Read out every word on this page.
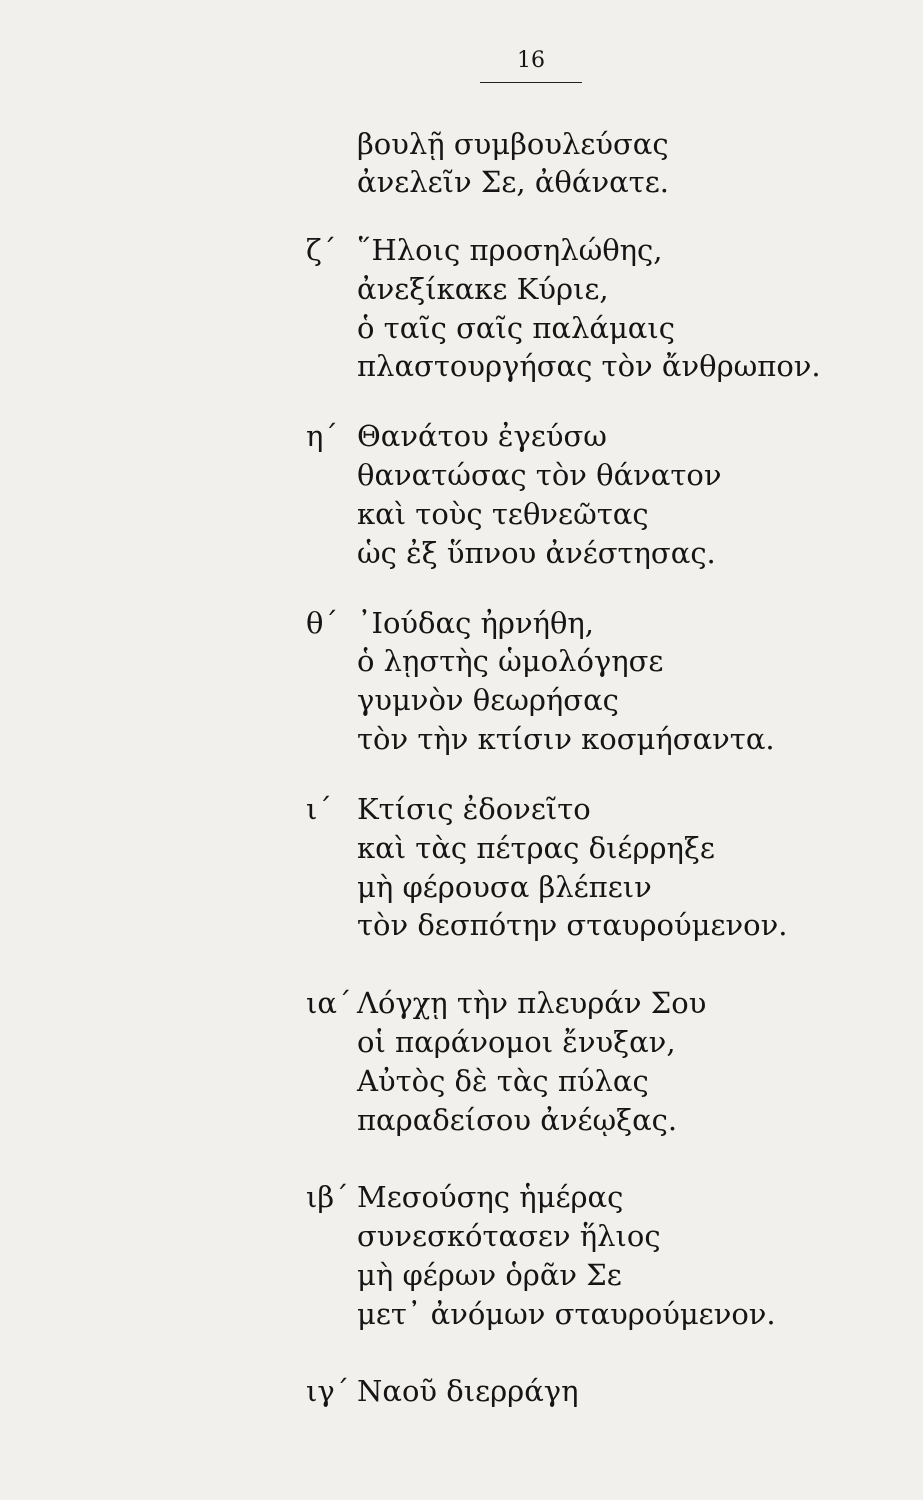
16
βουλῇ συμβουλεύσας
ἀνελεῖν Σε, ἀθάνατε.
ζ΄ ῞Ηλοις προσηλώθης,
ἀνεξίκακε Κύριε,
ὁ ταῖς σαῖς παλάμαις
πλαστουργήσας τὸν ἄνθρωπον.
η΄ Θανάτου ἐγεύσω
θανατώσας τὸν θάνατον
καὶ τοὺς τεθνεῶτας
ὡς ἐξ ὕπνου ἀνέστησας.
θ΄ ᾿Ιούδας ἠρνήθη,
ὁ λῃστὴς ὡμολόγησε
γυμνὸν θεωρήσας
τὸν τὴν κτίσιν κοσμήσαντα.
ι΄ Κτίσις ἐδονεῖτο
καὶ τὰς πέτρας διέρρηξε
μὴ φέρουσα βλέπειν
τὸν δεσπότην σταυρούμενον.
ια΄ Λόγχῃ τὴν πλευράν Σου
οἱ παράνομοι ἔνυξαν,
Αὐτὸς δὲ τὰς πύλας
παραδείσου ἀνέῳξας.
ιβ΄ Μεσούσης ἡμέρας
συνεσκότασεν ἥλιος
μὴ φέρων ὁρᾶν Σε
μετ᾿ ἀνόμων σταυρούμενον.
ιγ΄ Ναοῦ διερράγη
